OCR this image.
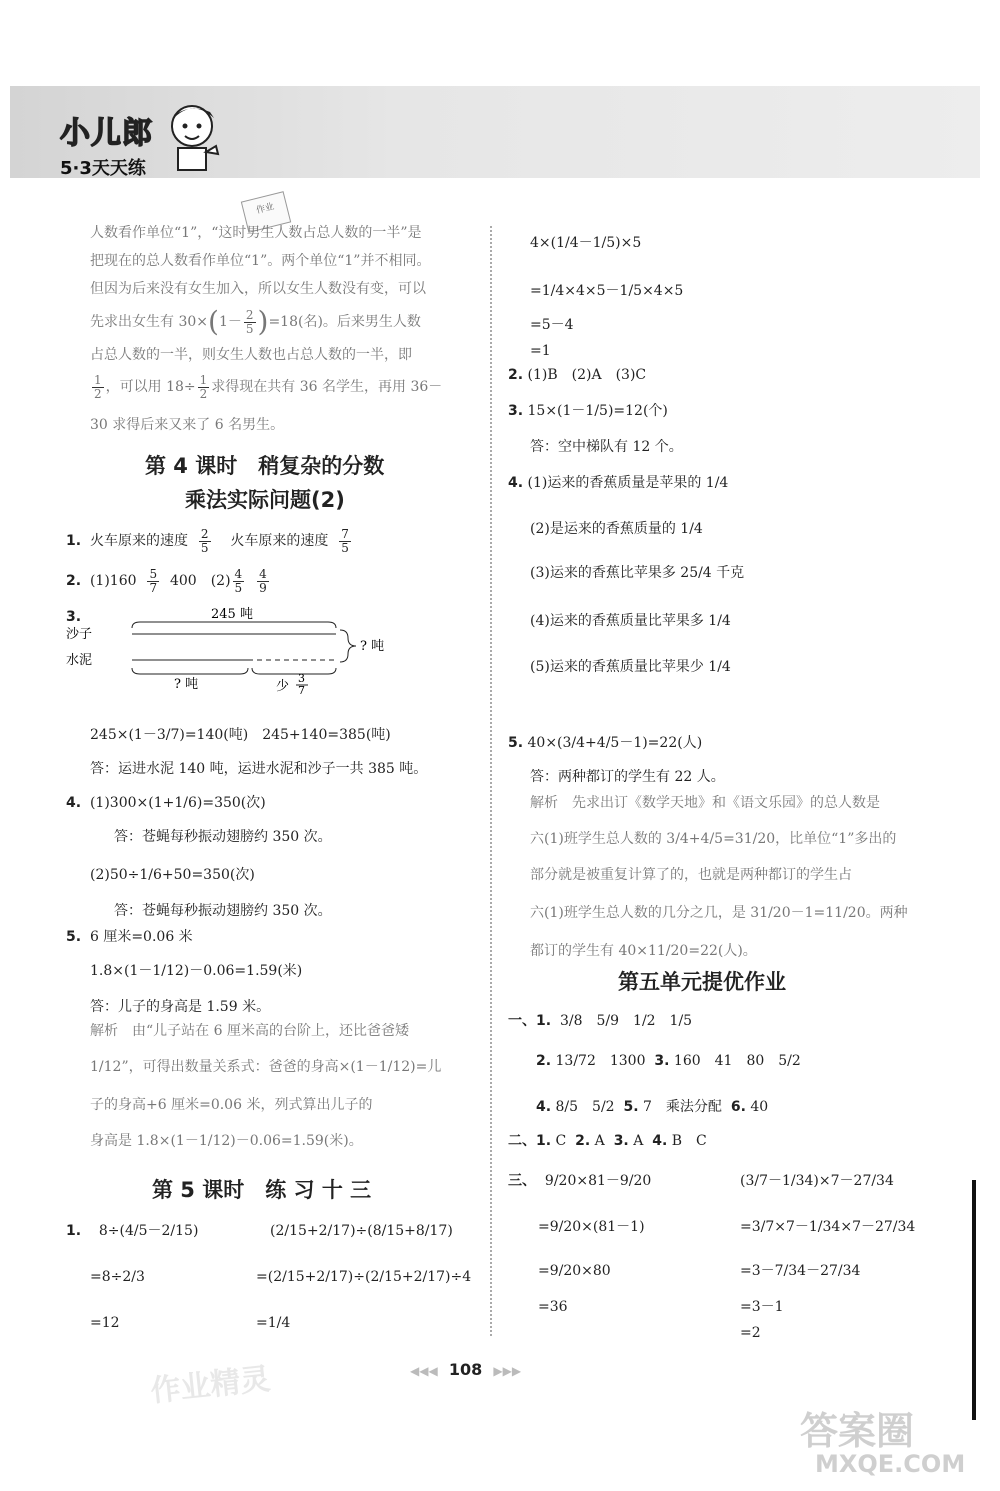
小儿郎
5·3天天练
作业
人数看作单位“1”，“这时男生人数占总人数的一半”是
把现在的总人数看作单位“1”。两个单位“1”并不相同。
但因为后来没有女生加入，所以女生人数没有变，可以
先求出女生有 $30\times(1- \frac{2}{5} )=18$(名)。后来男生人数
占总人数的一半，则女生人数也占总人数的一半，即
$\frac{1}{2}$ ，可以用 $18\div \frac{1}{2}$ 求得现在共有 36 名学生，再用 36－
30 求得后来又来了 6 名男生。
第 4 课时　稍复杂的分数
乘法实际问题(2)
1. 火车原来的速度 $\frac{2}{5}$ 火车原来的速度 $\frac{7}{5}$
2. $(1)160 \frac{5}{7} 400$　$(2) \frac{4}{5}$
$\frac{4}{9}$
3.	245 吨
沙子
水泥
? 吨
? 吨	少
3
7
245×(1－3/7)=140(吨)　245+140=385(吨)
答：运进水泥 140 吨，运进水泥和沙子一共 385 吨。
4. (1)300×(1+1/6)=350(次)
答：苍蝇每秒振动翅膀约 350 次。
(2)50÷1/6+50=350(次)
答：苍蝇每秒振动翅膀约 350 次。
5. 6 厘米=0.06 米
1.8×(1－1/12)－0.06=1.59(米)
答：儿子的身高是 1.59 米。
解析　由“儿子站在 6 厘米高的台阶上，还比爸爸矮
1/12”，可得出数量关系式：爸爸的身高×(1－1/12)=儿
子的身高+6 厘米=0.06 米，列式算出儿子的
身高是 1.8×(1－1/12)－0.06=1.59(米)。
第 5 课时　练 习 十 三
1. 8÷(4/5－2/15)
=8÷2/3
=12
(2/15+2/17)÷(8/15+8/17)
=(2/15+2/17)÷(2/15+2/17)÷4
=1/4
4×(1/4－1/5)×5
=1/4×4×5－1/5×4×5
=5－4
=1
2. (1)B　(2)A　(3)C
3. 15×(1－1/5)=12(个)
答：空中梯队有 12 个。
4. (1)运来的香蕉质量是苹果的 1/4
(2)是运来的香蕉质量的 1/4
(3)运来的香蕉比苹果多 25/4 千克
(4)运来的香蕉质量比苹果多 1/4
(5)运来的香蕉质量比苹果少 1/4
5. 40×(3/4+4/5－1)=22(人)
答：两种都订的学生有 22 人。
解析　先求出订《数学天地》和《语文乐园》的总人数是
六(1)班学生总人数的 3/4+4/5=31/20，比单位“1”多出的
部分就是被重复计算了的，也就是两种都订的学生占
六(1)班学生总人数的几分之几，是 31/20－1=11/20。两种
都订的学生有 40×11/20=22(人)。
第五单元提优作业
一、1. 3/8　5/9　1/2　1/5
2. 13/72　1300 3. 160　41　80　5/2
4. 8/5　5/2 5. 7　乘法分配 6. 40
二、1. C 2. A 3. A 4. B　C
三、 9/20×81－9/20
=9/20×(81－1)
=9/20×80
=36
(3/7－1/34)×7－27/34
=3/7×7－1/34×7－27/34
=3－7/34－27/34
=3－1
=2
◀◀◀ 108 ▶▶▶
作业精灵
答案圈
MXQE.COM
